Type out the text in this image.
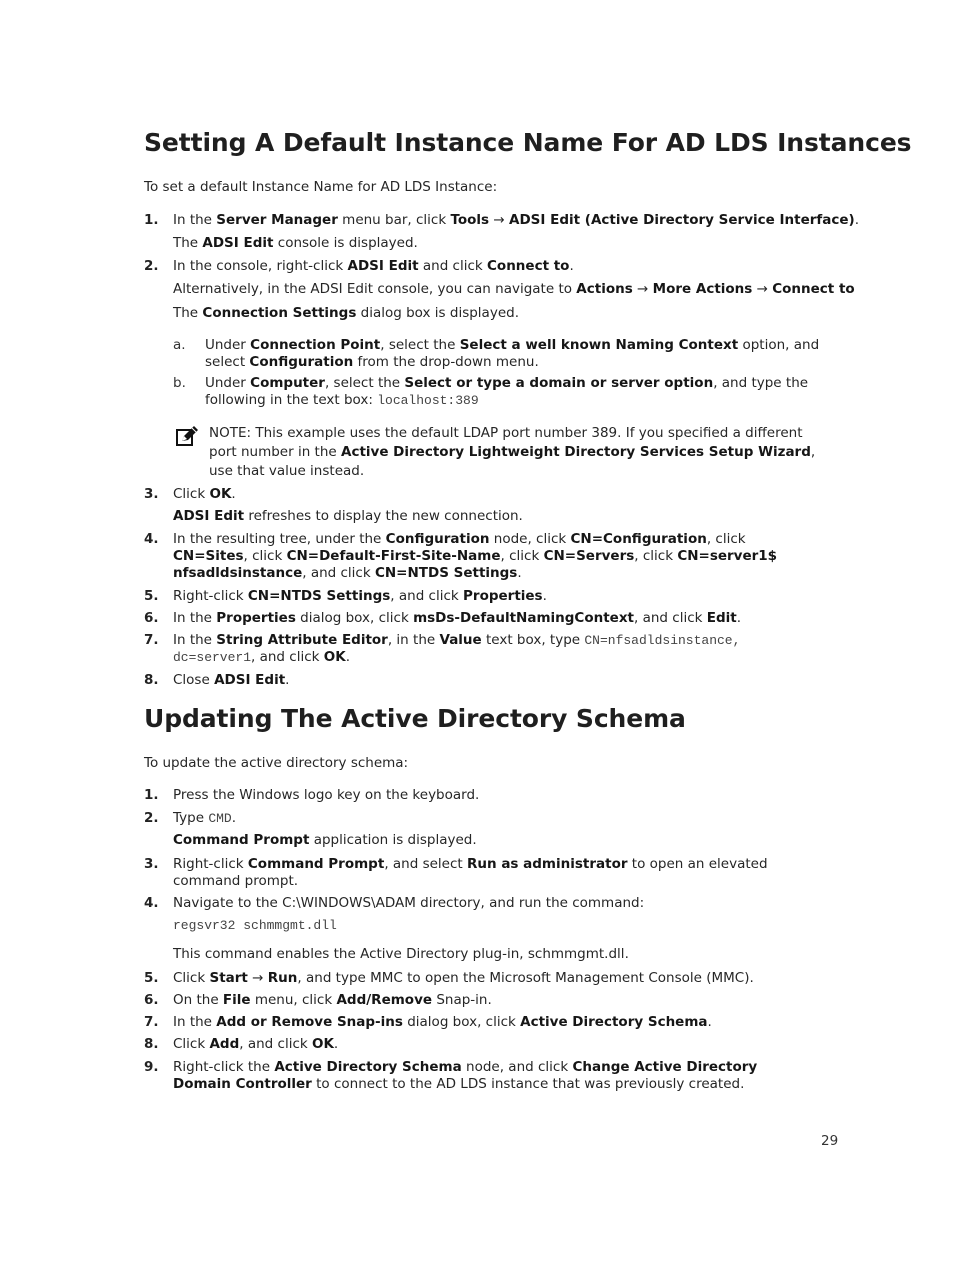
Setting A Default Instance Name For AD LDS Instances
To set a default Instance Name for AD LDS Instance:
1. In the Server Manager menu bar, click Tools → ADSI Edit (Active Directory Service Interface).
The ADSI Edit console is displayed.
2. In the console, right-click ADSI Edit and click Connect to.
Alternatively, in the ADSI Edit console, you can navigate to Actions → More Actions → Connect to
The Connection Settings dialog box is displayed.
a. Under Connection Point, select the Select a well known Naming Context option, and select Configuration from the drop-down menu.
b. Under Computer, select the Select or type a domain or server option, and type the following in the text box: localhost:389
NOTE: This example uses the default LDAP port number 389. If you specified a different port number in the Active Directory Lightweight Directory Services Setup Wizard, use that value instead.
3. Click OK.
ADSI Edit refreshes to display the new connection.
4. In the resulting tree, under the Configuration node, click CN=Configuration, click CN=Sites, click CN=Default-First-Site-Name, click CN=Servers, click CN=server1$ nfsadldsinstance, and click CN=NTDS Settings.
5. Right-click CN=NTDS Settings, and click Properties.
6. In the Properties dialog box, click msDs-DefaultNamingContext, and click Edit.
7. In the String Attribute Editor, in the Value text box, type CN=nfsadldsinstance, dc=server1, and click OK.
8. Close ADSI Edit.
Updating The Active Directory Schema
To update the active directory schema:
1. Press the Windows logo key on the keyboard.
2. Type CMD.
Command Prompt application is displayed.
3. Right-click Command Prompt, and select Run as administrator to open an elevated command prompt.
4. Navigate to the C:\WINDOWS\ADAM directory, and run the command:
regsvr32 schmmgmt.dll
This command enables the Active Directory plug-in, schmmgmt.dll.
5. Click Start → Run, and type MMC to open the Microsoft Management Console (MMC).
6. On the File menu, click Add/Remove Snap-in.
7. In the Add or Remove Snap-ins dialog box, click Active Directory Schema.
8. Click Add, and click OK.
9. Right-click the Active Directory Schema node, and click Change Active Directory Domain Controller to connect to the AD LDS instance that was previously created.
29
